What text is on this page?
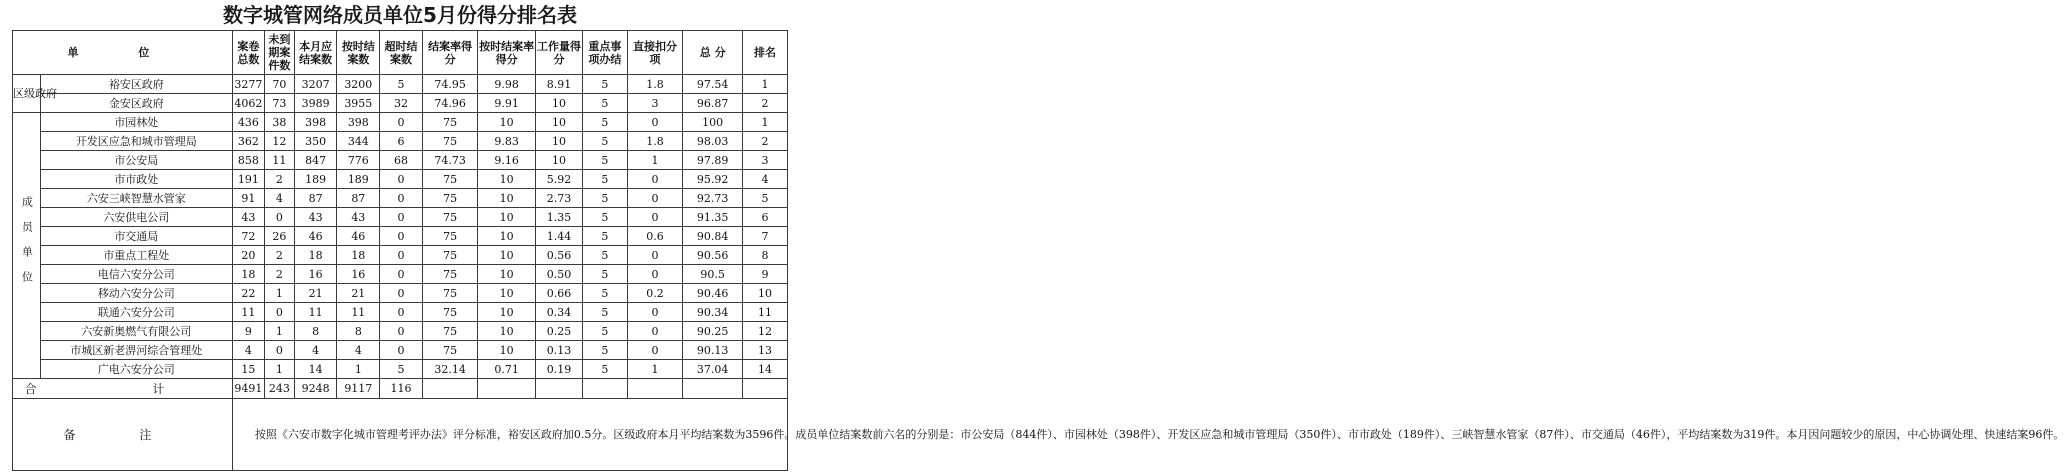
数字城管网络成员单位5月份得分排名表
单 位		案卷总数	未到期案件数	本月应结案数	按时结案数	超时结案数	结案率得分	按时结案率得分	工作量得分	重点事项办结	直接扣分项	总 分	排名
区级政府	裕安区政府	3277	70	3207	3200	5	74.95	9.98	8.91	5	1.8	97.54	1
	金安区政府	4062	73	3989	3955	32	74.96	9.91	10	5	3	96.87	2
成员单位	市园林处	436	38	398	398	0	75	10	10	5	0	100	1
	开发区应急和城市管理局	362	12	350	344	6	75	9.83	10	5	1.8	98.03	2
	市公安局	858	11	847	776	68	74.73	9.16	10	5	1	97.89	3
	市市政处	191	2	189	189	0	75	10	5.92	5	0	95.92	4
	六安三峡智慧水管家	91	4	87	87	0	75	10	2.73	5	0	92.73	5
	六安供电公司	43	0	43	43	0	75	10	1.35	5	0	91.35	6
	市交通局	72	26	46	46	0	75	10	1.44	5	0.6	90.84	7
	市重点工程处	20	2	18	18	0	75	10	0.56	5	0	90.56	8
	电信六安分公司	18	2	16	16	0	75	10	0.50	5	0	90.5	9
	移动六安分公司	22	1	21	21	0	75	10	0.66	5	0.2	90.46	10
	联通六安分公司	11	0	11	11	0	75	10	0.34	5	0	90.34	11
	六安新奥燃气有限公司	9	1	8	8	0	75	10	0.25	5	0	90.25	12
	市城区新老淠河综合管理处	4	0	4	4	0	75	10	0.13	5	0	90.13	13
	广电六安分公司	15	1	14	1	5	32.14	0.71	0.19	5	1	37.04	14
合 计		9491	243	9248	9117	116							
备 注		按照《六安市数字化城市管理考评办法》评分标准，裕安区政府加0.5分。区级政府本月平均结案数为3596件。成员单位结案数前六名的分别是：市公安局（844件）、市园林处（398件）、开发区应急和城市管理局（350件）、市市政处（189件）、三峡智慧水管家（87件）、市交通局（46件），平均结案数为319件。本月因问题较少的原因，中心协调处理、快速结案96件。											
